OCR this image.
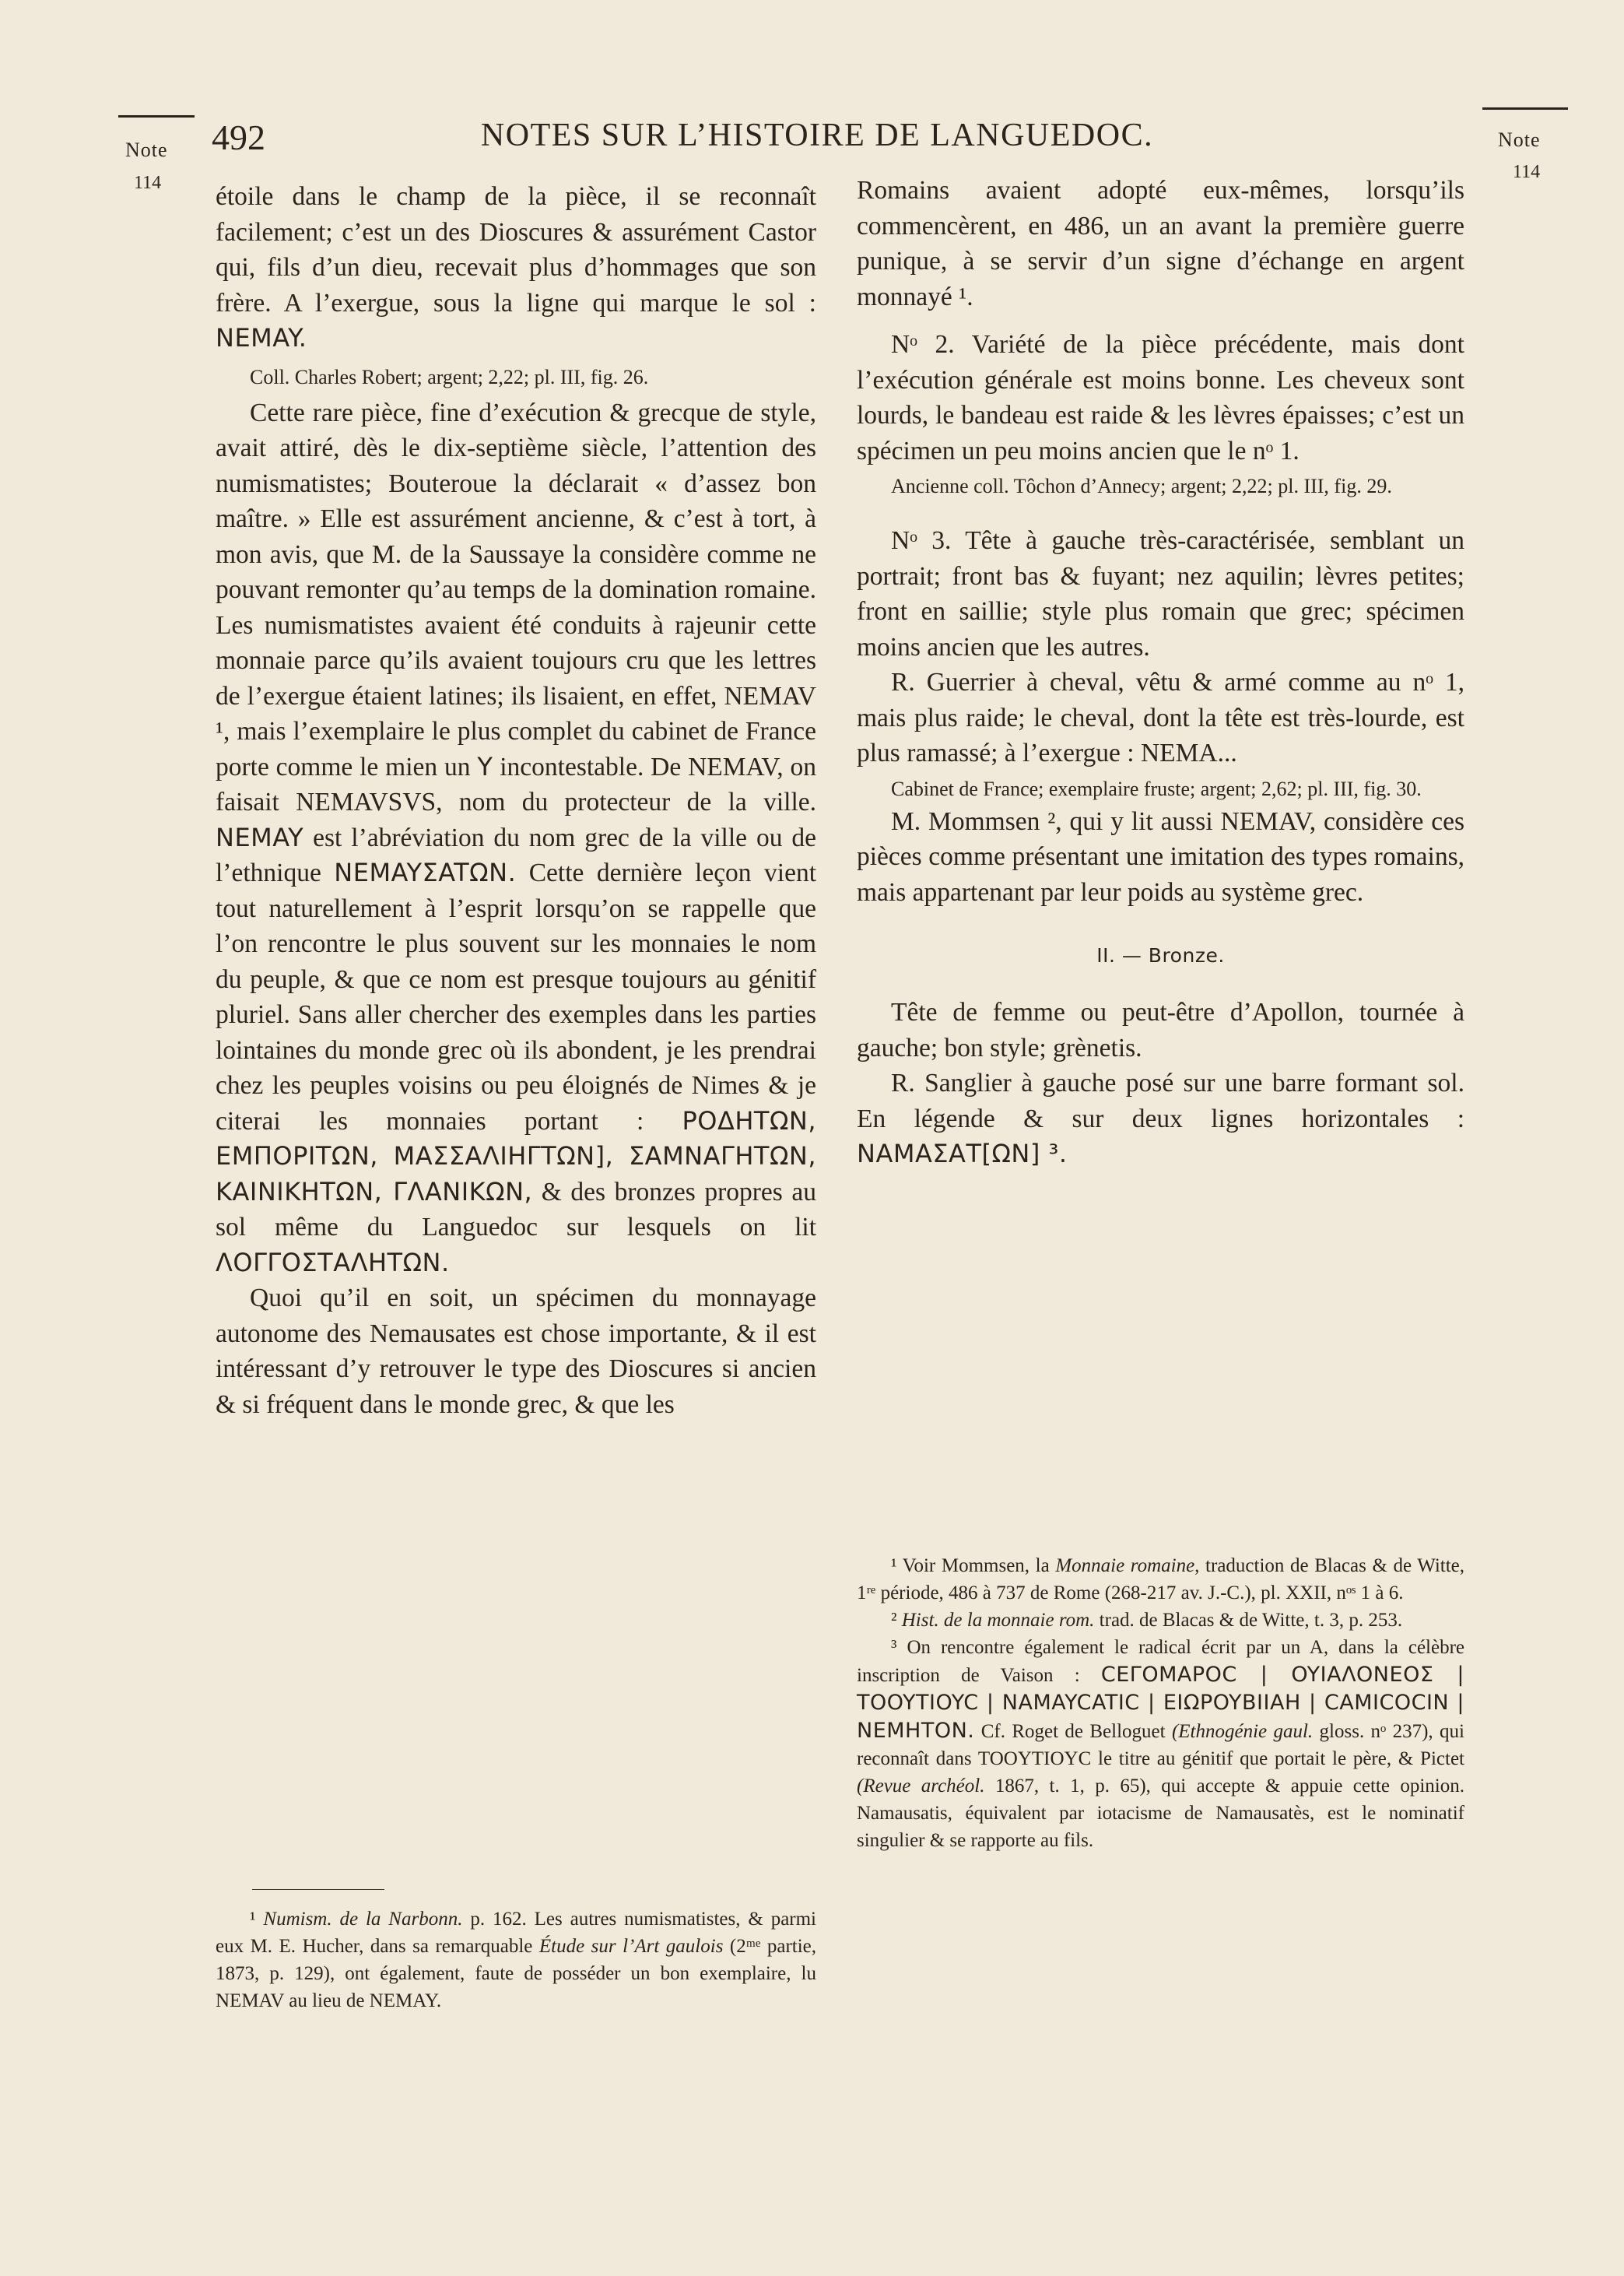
Note
114
492	NOTES SUR L’HISTOIRE DE LANGUEDOC.	Note
114

étoile dans le champ de la pièce, il se reconnaît facilement; c’est un des Dioscures & assurément Castor qui, fils d’un dieu, recevait plus d’hommages que son frère. A l’exergue, sous la ligne qui marque le sol : NEMAY.

Coll. Charles Robert; argent; 2,22; pl. III, fig. 26.

Cette rare pièce, fine d’exécution & grecque de style, avait attiré, dès le dix-septième siècle, l’attention des numismatistes; Bouteroue la déclarait « d’assez bon maître. » Elle est assurément ancienne, & c’est à tort, à mon avis, que M. de la Saussaye la considère comme ne pouvant remonter qu’au temps de la domination romaine. Les numismatistes avaient été conduits à rajeunir cette monnaie parce qu’ils avaient toujours cru que les lettres de l’exergue étaient latines; ils lisaient, en effet, NEMAV ¹, mais l’exemplaire le plus complet du cabinet de France porte comme le mien un Y incontestable. De NEMAV, on faisait NEMAVSVS, nom du protecteur de la ville. NEMAY est l’abréviation du nom grec de la ville ou de l’ethnique NEMAYΣATΩN. Cette dernière leçon vient tout naturellement à l’esprit lorsqu’on se rappelle que l’on rencontre le plus souvent sur les monnaies le nom du peuple, & que ce nom est presque toujours au génitif pluriel. Sans aller chercher des exemples dans les parties lointaines du monde grec où ils abondent, je les prendrai chez les peuples voisins ou peu éloignés de Nimes & je citerai les monnaies portant : ΡΟΔΗΤΩΝ, ΕΜΠΟΡΙΤΩΝ, ΜΑΣΣΑΛΙΗΓΤΩΝ], ΣΑΜΝΑΓΗΤΩΝ, ΚΑΙΝΙΚΗΤΩΝ, ΓΛΑΝΙΚΩΝ, & des bronzes propres au sol même du Languedoc sur lesquels on lit ΛΟΓΓΟΣΤΑΛΗΤΩΝ.

Quoi qu’il en soit, un spécimen du monnayage autonome des Nemausates est chose importante, & il est intéressant d’y retrouver le type des Dioscures si ancien & si fréquent dans le monde grec, & que les

¹ Numism. de la Narbonn. p. 162. Les autres numismatistes, & parmi eux M. E. Hucher, dans sa remarquable Étude sur l’Art gaulois (2ᵐᵉ partie, 1873, p. 129), ont également, faute de posséder un bon exemplaire, lu NEMAV au lieu de NEMAY.

Romains avaient adopté eux-mêmes, lorsqu’ils commencèrent, en 486, un an avant la première guerre punique, à se servir d’un signe d’échange en argent monnayé ¹.

Nᵒ 2. Variété de la pièce précédente, mais dont l’exécution générale est moins bonne. Les cheveux sont lourds, le bandeau est raide & les lèvres épaisses; c’est un spécimen un peu moins ancien que le nᵒ 1.

Ancienne coll. Tôchon d’Annecy; argent; 2,22; pl. III, fig. 29.

Nᵒ 3. Tête à gauche très-caractérisée, semblant un portrait; front bas & fuyant; nez aquilin; lèvres petites; front en saillie; style plus romain que grec; spécimen moins ancien que les autres.

R. Guerrier à cheval, vêtu & armé comme au nᵒ 1, mais plus raide; le cheval, dont la tête est très-lourde, est plus ramassé; à l’exergue : NEMA...

Cabinet de France; exemplaire fruste; argent; 2,62; pl. III, fig. 30.

M. Mommsen ², qui y lit aussi NEMAV, considère ces pièces comme présentant une imitation des types romains, mais appartenant par leur poids au système grec.

II. — Bronze.

Tête de femme ou peut-être d’Apollon, tournée à gauche; bon style; grènetis.

R. Sanglier à gauche posé sur une barre formant sol. En légende & sur deux lignes horizontales : ΝΑΜΑΣΑΤ[ΩΝ] ³.

¹ Voir Mommsen, la Monnaie romaine, traduction de Blacas & de Witte, 1ʳᵉ période, 486 à 737 de Rome (268-217 av. J.-C.), pl. XXII, nᵒˢ 1 à 6.

² Hist. de la monnaie rom. trad. de Blacas & de Witte, t. 3, p. 253.

³ On rencontre également le radical écrit par un A, dans la célèbre inscription de Vaison : CEΓOMAPOC | OYIAΛONEOΣ | TOOYTIOYC | NAMAYCATIC | EIΩPOYBIIAH | CAMICOCIN | NEMHTON. Cf. Roget de Belloguet (Ethnogénie gaul. gloss. nᵒ 237), qui reconnaît dans TOOYTIOYC le titre au génitif que portait le père, & Pictet (Revue archéol. 1867, t. 1, p. 65), qui accepte & appuie cette opinion. Namausatis, équivalent par iotacisme de Namausatès, est le nominatif singulier & se rapporte au fils.
